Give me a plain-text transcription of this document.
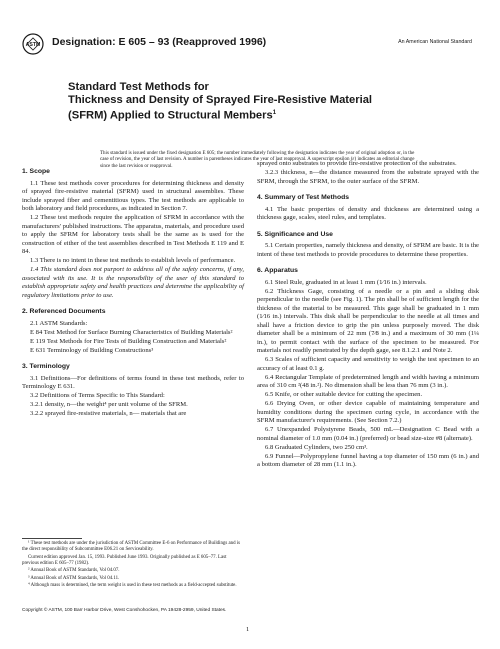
ASTM Designation: E 605 – 93 (Reapproved 1996)	An American National Standard
Standard Test Methods for
Thickness and Density of Sprayed Fire-Resistive Material
(SFRM) Applied to Structural Members$^1$
This standard is issued under the fixed designation E 605; the number immediately following the designation indicates the year of original adoption or, in the case of revision, the year of last revision. A number in parentheses indicates the year of last reapproval. A superscript epsilon (ε) indicates an editorial change since the last revision or reapproval.
1. Scope

1.1 These test methods cover procedures for determining thickness and density of sprayed fire-resistive material (SFRM) used in structural assemblies. These include sprayed fiber and cementitious types. The test methods are applicable to both laboratory and field procedures, as indicated in Section 7.

1.2 These test methods require the application of SFRM in accordance with the manufacturers' published instructions. The apparatus, materials, and procedure used to apply the SFRM for laboratory tests shall be the same as is used for the construction of either of the test assemblies described in Test Methods E 119 and E 84.

1.3 There is no intent in these test methods to establish levels of performance.

1.4 This standard does not purport to address all of the safety concerns, if any, associated with its use. It is the responsibility of the user of this standard to establish appropriate safety and health practices and determine the applicability of regulatory limitations prior to use.

2. Referenced Documents

2.1 ASTM Standards:

E 84 Test Method for Surface Burning Characteristics of Building Materials²

E 119 Test Methods for Fire Tests of Building Construction and Materials²

E 631 Terminology of Building Constructions³

3. Terminology

3.1 Definitions—For definitions of terms found in these test methods, refer to Terminology E 631.

3.2 Definitions of Terms Specific to This Standard:

3.2.1 density, n—the weight⁴ per unit volume of the SFRM.

3.2.2 sprayed fire-resistive materials, n— materials that are

¹ These test methods are under the jurisdiction of ASTM Committee E-6 on Performance of Buildings and is the direct responsibility of Subcommittee E06.21 on Serviceability.

Current edition approved Jan. 15, 1993. Published June 1993. Originally published as E 605–77. Last previous edition E 605–77 (1982).

² Annual Book of ASTM Standards, Vol 04.07.

³ Annual Book of ASTM Standards, Vol 04.11.

⁴ Although mass is determined, the term weight is used in these test methods as a field-accepted substitute.

sprayed onto substrates to provide fire-resistive protection of the substrates.

3.2.3 thickness, n—the distance measured from the substrate sprayed with the SFRM, through the SFRM, to the outer surface of the SFRM.

4. Summary of Test Methods

4.1 The basic properties of density and thickness are determined using a thickness gage, scales, steel rules, and templates.

5. Significance and Use

5.1 Certain properties, namely thickness and density, of SFRM are basic. It is the intent of these test methods to provide procedures to determine these properties.

6. Apparatus

6.1 Steel Rule, graduated in at least 1 mm (1⁄16 in.) intervals.

6.2 Thickness Gage, consisting of a needle or a pin and a sliding disk perpendicular to the needle (see Fig. 1). The pin shall be of sufficient length for the thickness of the material to be measured. This gage shall be graduated in 1 mm (1⁄16 in.) intervals. This disk shall be perpendicular to the needle at all times and shall have a friction device to grip the pin unless purposely moved. The disk diameter shall be a minimum of 22 mm (7⁄8 in.) and a maximum of 30 mm (1¼ in.), to permit contact with the surface of the specimen to be measured. For materials not readily penetrated by the depth gage, see 8.1.2.1 and Note 2.

6.3 Scales of sufficient capacity and sensitivity to weigh the test specimen to an accuracy of at least 0.1 g.

6.4 Rectangular Template of predetermined length and width having a minimum area of 310 cm ²(48 in.²). No dimension shall be less than 76 mm (3 in.).

6.5 Knife, or other suitable device for cutting the specimen.

6.6 Drying Oven, or other device capable of maintaining temperature and humidity conditions during the specimen curing cycle, in accordance with the SFRM manufacturer's requirements. (See Section 7.2.)

6.7 Unexpanded Polystyrene Beads, 500 mL—Designation C Bead with a nominal diameter of 1.0 mm (0.04 in.) (preferred) or bead size-size #8 (alternate).

6.8 Graduated Cylinders, two 250 cm³.

6.9 Funnel—Polypropylene funnel having a top diameter of 150 mm (6 in.) and a bottom diameter of 28 mm (1.1 in.).

Copyright © ASTM, 100 Barr Harbor Drive, West Conshohocken, PA 19428-2959, United States.
1
